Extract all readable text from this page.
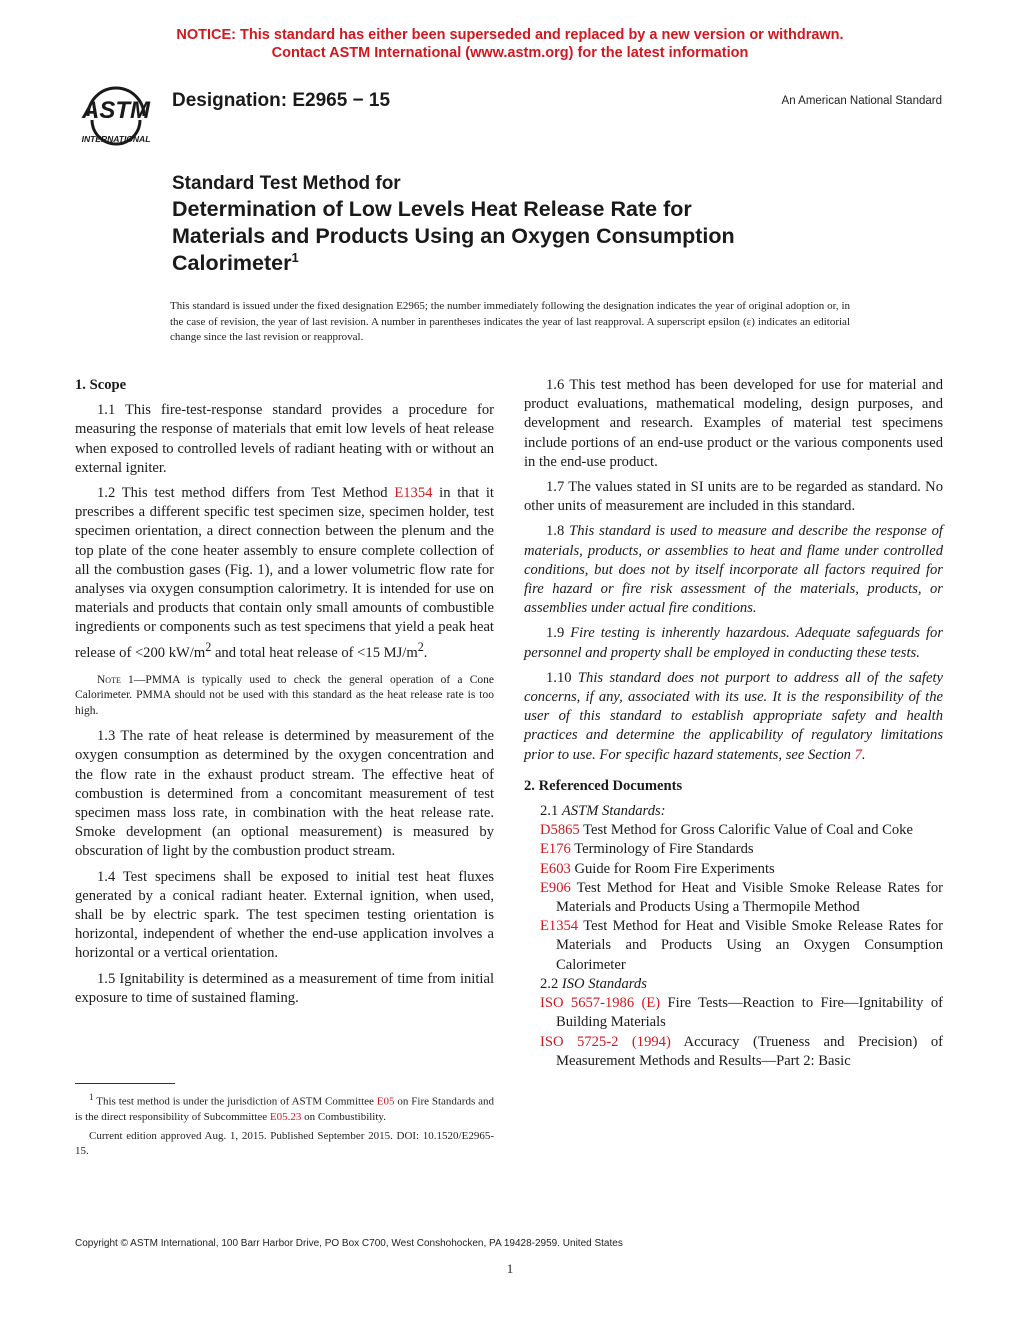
NOTICE: This standard has either been superseded and replaced by a new version or withdrawn.
Contact ASTM International (www.astm.org) for the latest information
ASTM
INTERNATIONAL
Designation: E2965 − 15	An American National Standard
Standard Test Method for
Determination of Low Levels Heat Release Rate for
Materials and Products Using an Oxygen Consumption
Calorimeter$^1$
This standard is issued under the fixed designation E2965; the number immediately following the designation indicates the year of original adoption or, in the case of revision, the year of last revision. A number in parentheses indicates the year of last reapproval. A superscript epsilon (ε) indicates an editorial change since the last revision or reapproval.
1. Scope

1.1 This fire-test-response standard provides a procedure for measuring the response of materials that emit low levels of heat release when exposed to controlled levels of radiant heating with or without an external igniter.

1.2 This test method differs from Test Method E1354 in that it prescribes a different specific test specimen size, specimen holder, test specimen orientation, a direct connection between the plenum and the top plate of the cone heater assembly to ensure complete collection of all the combustion gases (Fig. 1), and a lower volumetric flow rate for analyses via oxygen consumption calorimetry. It is intended for use on materials and products that contain only small amounts of combustible ingredients or components such as test specimens that yield a peak heat release of <200 $kW/m^2$ and total heat release of <15 $MJ/m^2$.

Note 1—PMMA is typically used to check the general operation of a Cone Calorimeter. PMMA should not be used with this standard as the heat release rate is too high.

1.3 The rate of heat release is determined by measurement of the oxygen consumption as determined by the oxygen concentration and the flow rate in the exhaust product stream. The effective heat of combustion is determined from a concomitant measurement of test specimen mass loss rate, in combination with the heat release rate. Smoke development (an optional measurement) is measured by obscuration of light by the combustion product stream.

1.4 Test specimens shall be exposed to initial test heat fluxes generated by a conical radiant heater. External ignition, when used, shall be by electric spark. The test specimen testing orientation is horizontal, independent of whether the end-use application involves a horizontal or a vertical orientation.

1.5 Ignitability is determined as a measurement of time from initial exposure to time of sustained flaming.

1.6 This test method has been developed for use for material and product evaluations, mathematical modeling, design purposes, and development and research. Examples of material test specimens include portions of an end-use product or the various components used in the end-use product.

1.7 The values stated in SI units are to be regarded as standard. No other units of measurement are included in this standard.

1.8 This standard is used to measure and describe the response of materials, products, or assemblies to heat and flame under controlled conditions, but does not by itself incorporate all factors required for fire hazard or fire risk assessment of the materials, products, or assemblies under actual fire conditions.

1.9 Fire testing is inherently hazardous. Adequate safeguards for personnel and property shall be employed in conducting these tests.

1.10 This standard does not purport to address all of the safety concerns, if any, associated with its use. It is the responsibility of the user of this standard to establish appropriate safety and health practices and determine the applicability of regulatory limitations prior to use. For specific hazard statements, see Section 7.

2. Referenced Documents
2.1 ASTM Standards:
D5865 Test Method for Gross Calorific Value of Coal and Coke
E176 Terminology of Fire Standards
E603 Guide for Room Fire Experiments
E906 Test Method for Heat and Visible Smoke Release Rates for Materials and Products Using a Thermopile Method
E1354 Test Method for Heat and Visible Smoke Release Rates for Materials and Products Using an Oxygen Consumption Calorimeter
2.2 ISO Standards
ISO 5657-1986 (E) Fire Tests—Reaction to Fire—Ignitability of Building Materials
ISO 5725-2 (1994) Accuracy (Trueness and Precision) of Measurement Methods and Results—Part 2: Basic

$^1$ This test method is under the jurisdiction of ASTM Committee E05 on Fire Standards and is the direct responsibility of Subcommittee E05.23 on Combustibility.

Current edition approved Aug. 1, 2015. Published September 2015. DOI: 10.1520/E2965-15.

Copyright © ASTM International, 100 Barr Harbor Drive, PO Box C700, West Conshohocken, PA 19428-2959. United States
1
